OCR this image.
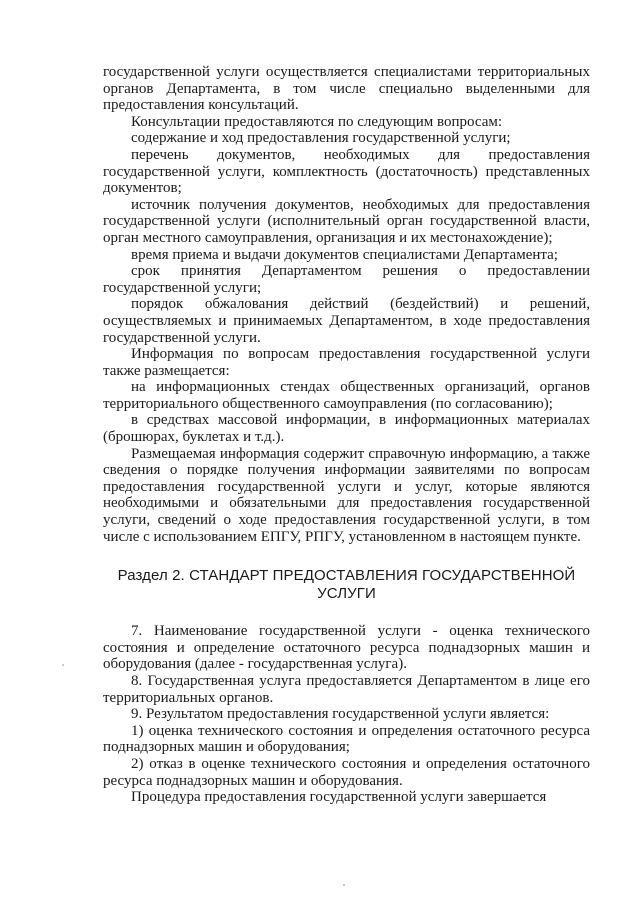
государственной услуги осуществляется специалистами территориальных органов Департамента, в том числе специально выделенными для предоставления консультаций.

Консультации предоставляются по следующим вопросам:

содержание и ход предоставления государственной услуги;

перечень документов, необходимых для предоставления государственной услуги, комплектность (достаточность) представленных документов;

источник получения документов, необходимых для предоставления государственной услуги (исполнительный орган государственной власти, орган местного самоуправления, организация и их местонахождение);

время приема и выдачи документов специалистами Департамента;

срок принятия Департаментом решения о предоставлении государственной услуги;

порядок обжалования действий (бездействий) и решений, осуществляемых и принимаемых Департаментом, в ходе предоставления государственной услуги.

Информация по вопросам предоставления государственной услуги также размещается:

на информационных стендах общественных организаций, органов территориального общественного самоуправления (по согласованию);

в средствах массовой информации, в информационных материалах (брошюрах, буклетах и т.д.).

Размещаемая информация содержит справочную информацию, а также сведения о порядке получения информации заявителями по вопросам предоставления государственной услуги и услуг, которые являются необходимыми и обязательными для предоставления государственной услуги, сведений о ходе предоставления государственной услуги, в том числе с использованием ЕПГУ, РПГУ, установленном в настоящем пункте.

Раздел 2. СТАНДАРТ ПРЕДОСТАВЛЕНИЯ ГОСУДАРСТВЕННОЙ
УСЛУГИ

7. Наименование государственной услуги - оценка технического состояния и определение остаточного ресурса поднадзорных машин и оборудования (далее - государственная услуга).

8. Государственная услуга предоставляется Департаментом в лице его территориальных органов.

9. Результатом предоставления государственной услуги является:

1) оценка технического состояния и определения остаточного ресурса поднадзорных машин и оборудования;

2) отказ в оценке технического состояния и определения остаточного ресурса поднадзорных машин и оборудования.

Процедура предоставления государственной услуги завершается
